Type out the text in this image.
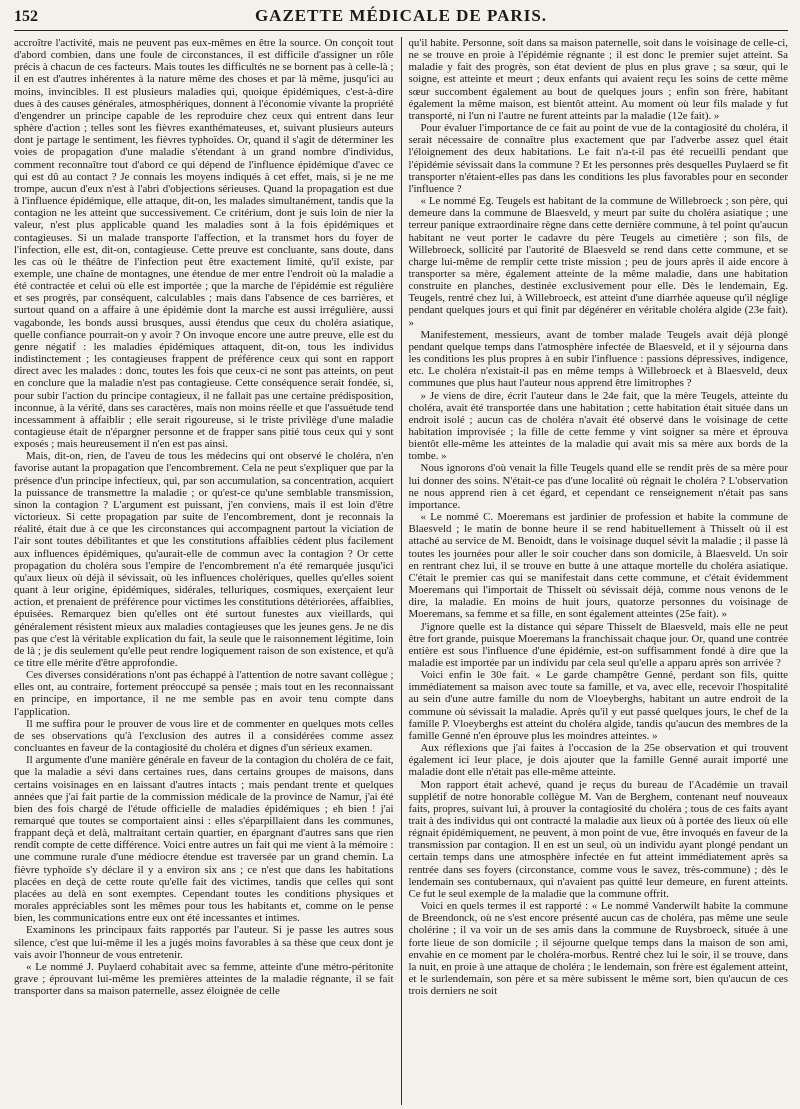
152	GAZETTE MÉDICALE DE PARIS.

accroître l'activité, mais ne peuvent pas eux-mêmes en être la source. On conçoit tout d'abord combien, dans une foule de circonstances, il est difficile d'assigner un rôle précis à chacun de ces facteurs. Mais toutes les difficultés ne se bornent pas à celle-là ; il en est d'autres inhérentes à la nature même des choses et par là même, jusqu'ici au moins, invincibles. Il est plusieurs maladies qui, quoique épidémiques, c'est-à-dire dues à des causes générales, atmosphériques, donnent à l'économie vivante la propriété d'engendrer un principe capable de les reproduire chez ceux qui entrent dans leur sphère d'action ; telles sont les fièvres exanthémateuses, et, suivant plusieurs auteurs dont je partage le sentiment, les fièvres typhoïdes. Or, quand il s'agit de déterminer les voies de propagation d'une maladie s'étendant à un grand nombre d'individus, comment reconnaître tout d'abord ce qui dépend de l'influence épidémique d'avec ce qui est dû au contact ? Je connais les moyens indiqués à cet effet, mais, si je ne me trompe, aucun d'eux n'est à l'abri d'objections sérieuses. Quand la propagation est due à l'influence épidémique, elle attaque, dit-on, les malades simultanément, tandis que la contagion ne les atteint que successivement. Ce critérium, dont je suis loin de nier la valeur, n'est plus applicable quand les maladies sont à la fois épidémiques et contagieuses. Si un malade transporte l'affection, et la transmet hors du foyer de l'infection, elle est, dit-on, contagieuse. Cette preuve est concluante, sans doute, dans les cas où le théâtre de l'infection peut être exactement limité, qu'il existe, par exemple, une chaîne de montagnes, une étendue de mer entre l'endroit où la maladie a été contractée et celui où elle est importée ; que la marche de l'épidémie est régulière et ses progrès, par conséquent, calculables ; mais dans l'absence de ces barrières, et surtout quand on a affaire à une épidémie dont la marche est aussi irrégulière, aussi vagabonde, les bonds aussi brusques, aussi étendus que ceux du choléra asiatique, quelle confiance pourrait-on y avoir ? On invoque encore une autre preuve, elle est du genre négatif : les maladies épidémiques attaquent, dit-on, tous les individus indistinctement ; les contagieuses frappent de préférence ceux qui sont en rapport direct avec les malades : donc, toutes les fois que ceux-ci ne sont pas atteints, on peut en conclure que la maladie n'est pas contagieuse. Cette conséquence serait fondée, si, pour subir l'action du principe contagieux, il ne fallait pas une certaine prédisposition, inconnue, à la vérité, dans ses caractères, mais non moins réelle et que l'assuétude tend incessamment à affaiblir ; elle serait rigoureuse, si le triste privilège d'une maladie contagieuse était de n'épargner personne et de frapper sans pitié tous ceux qui y sont exposés ; mais heureusement il n'en est pas ainsi.

Mais, dit-on, rien, de l'aveu de tous les médecins qui ont observé le choléra, n'en favorise autant la propagation que l'encombrement. Cela ne peut s'expliquer que par la présence d'un principe infectieux, qui, par son accumulation, sa concentration, acquiert la puissance de transmettre la maladie ; or qu'est-ce qu'une semblable transmission, sinon la contagion ? L'argument est puissant, j'en conviens, mais il est loin d'être victorieux. Si cette propagation par suite de l'encombrement, dont je reconnais la réalité, était due à ce que les circonstances qui accompagnent partout la viciation de l'air sont toutes débilitantes et que les constitutions affaiblies cèdent plus facilement aux influences épidémiques, qu'aurait-elle de commun avec la contagion ? Or cette propagation du choléra sous l'empire de l'encombrement n'a été remarquée jusqu'ici qu'aux lieux où déjà il sévissait, où les influences cholériques, quelles qu'elles soient quant à leur origine, épidémiques, sidérales, telluriques, cosmiques, exerçaient leur action, et prenaient de préférence pour victimes les constitutions détériorées, affaiblies, épuisées. Remarquez bien qu'elles ont été surtout funestes aux vieillards, qui généralement résistent mieux aux maladies contagieuses que les jeunes gens. Je ne dis pas que c'est là véritable explication du fait, la seule que le raisonnement légitime, loin de là ; je dis seulement qu'elle peut rendre logiquement raison de son existence, et qu'à ce titre elle mérite d'être approfondie.

Ces diverses considérations n'ont pas échappé à l'attention de notre savant collègue ; elles ont, au contraire, fortement préoccupé sa pensée ; mais tout en les reconnaissant en principe, en importance, il ne me semble pas en avoir tenu compte dans l'application.

Il me suffira pour le prouver de vous lire et de commenter en quelques mots celles de ses observations qu'à l'exclusion des autres il a considérées comme assez concluantes en faveur de la contagiosité du choléra et dignes d'un sérieux examen.

Il argumente d'une manière générale en faveur de la contagion du choléra de ce fait, que la maladie a sévi dans certaines rues, dans certains groupes de maisons, dans certains voisinages en en laissant d'autres intacts ; mais pendant trente et quelques années que j'ai fait partie de la commission médicale de la province de Namur, j'ai été bien des fois chargé de l'étude officielle de maladies épidémiques ; eh bien ! j'ai remarqué que toutes se comportaient ainsi : elles s'éparpillaient dans les communes, frappant deçà et delà, maltraitant certain quartier, en épargnant d'autres sans que rien rendît compte de cette différence. Voici entre autres un fait qui me vient à la mémoire : une commune rurale d'une médiocre étendue est traversée par un grand chemin. La fièvre typhoïde s'y déclare il y a environ six ans ; ce n'est que dans les habitations placées en deçà de cette route qu'elle fait des victimes, tandis que celles qui sont placées au delà en sont exemptes. Cependant toutes les conditions physiques et morales appréciables sont les mêmes pour tous les habitants et, comme on le pense bien, les communications entre eux ont été incessantes et intimes.

Examinons les principaux faits rapportés par l'auteur. Si je passe les autres sous silence, c'est que lui-même il les a jugés moins favorables à sa thèse que ceux dont je vais avoir l'honneur de vous entretenir.

« Le nommé J. Puylaerd cohabitait avec sa femme, atteinte d'une métro-péritonite grave ; éprouvant lui-même les premières atteintes de la maladie régnante, il se fait transporter dans sa maison paternelle, assez éloignée de celle

qu'il habite. Personne, soit dans sa maison paternelle, soit dans le voisinage de celle-ci, ne se trouve en proie à l'épidémie régnante ; il est donc le premier sujet atteint. Sa maladie y fait des progrès, son état devient de plus en plus grave ; sa sœur, qui le soigne, est atteinte et meurt ; deux enfants qui avaient reçu les soins de cette même sœur succombent également au bout de quelques jours ; enfin son frère, habitant également la même maison, est bientôt atteint. Au moment où leur fils malade y fut transporté, ni l'un ni l'autre ne furent atteints par la maladie (12e fait). »

Pour évaluer l'importance de ce fait au point de vue de la contagiosité du choléra, il serait nécessaire de connaître plus exactement que par l'adverbe assez quel était l'éloignement des deux habitations. Le fait n'a-t-il pas été recueilli pendant que l'épidémie sévissait dans la commune ? Et les personnes près desquelles Puylaerd se fit transporter n'étaient-elles pas dans les conditions les plus favorables pour en seconder l'influence ?

« Le nommé Eg. Teugels est habitant de la commune de Willebroeck ; son père, qui demeure dans la commune de Blaesveld, y meurt par suite du choléra asiatique ; une terreur panique extraordinaire règne dans cette dernière commune, à tel point qu'aucun habitant ne veut porter le cadavre du père Teugels au cimetière ; son fils, de Willebroeck, sollicité par l'autorité de Blaesveld se rend dans cette commune, et se charge lui-même de remplir cette triste mission ; peu de jours après il aide encore à transporter sa mère, également atteinte de la même maladie, dans une habitation construite en planches, destinée exclusivement pour elle. Dès le lendemain, Eg. Teugels, rentré chez lui, à Willebroeck, est atteint d'une diarrhée aqueuse qu'il néglige pendant quelques jours et qui finit par dégénérer en véritable choléra algide (23e fait). »

Manifestement, messieurs, avant de tomber malade Teugels avait déjà plongé pendant quelque temps dans l'atmosphère infectée de Blaesveld, et il y séjourna dans les conditions les plus propres à en subir l'influence : passions dépressives, indigence, etc. Le choléra n'existait-il pas en même temps à Willebroeck et à Blaesveld, deux communes que plus haut l'auteur nous apprend être limitrophes ?

» Je viens de dire, écrit l'auteur dans le 24e fait, que la mère Teugels, atteinte du choléra, avait été transportée dans une habitation ; cette habitation était située dans un endroit isolé ; aucun cas de choléra n'avait été observé dans le voisinage de cette habitation improvisée ; la fille de cette femme y vint soigner sa mère et éprouva bientôt elle-même les atteintes de la maladie qui avait mis sa mère aux bords de la tombe. »

Nous ignorons d'où venait la fille Teugels quand elle se rendit près de sa mère pour lui donner des soins. N'était-ce pas d'une localité où régnait le choléra ? L'observation ne nous apprend rien à cet égard, et cependant ce renseignement n'était pas sans importance.

« Le nommé C. Moeremans est jardinier de profession et habite la commune de Blaesveld ; le matin de bonne heure il se rend habituellement à Thisselt où il est attaché au service de M. Benoidt, dans le voisinage duquel sévit la maladie ; il passe là toutes les journées pour aller le soir coucher dans son domicile, à Blaesveld. Un soir en rentrant chez lui, il se trouve en butte à une attaque mortelle du choléra asiatique. C'était le premier cas qui se manifestait dans cette commune, et c'était évidemment Moeremans qui l'importait de Thisselt où sévissait déjà, comme nous venons de le dire, la maladie. En moins de huit jours, quatorze personnes du voisinage de Moeremans, sa femme et sa fille, en sont également atteintes (25e fait). »

J'ignore quelle est la distance qui sépare Thisselt de Blaesveld, mais elle ne peut être fort grande, puisque Moeremans la franchissait chaque jour. Or, quand une contrée entière est sous l'influence d'une épidémie, est-on suffisamment fondé à dire que la maladie est importée par un individu par cela seul qu'elle a apparu après son arrivée ?

Voici enfin le 30e fait. « Le garde champêtre Genné, perdant son fils, quitte immédiatement sa maison avec toute sa famille, et va, avec elle, recevoir l'hospitalité au sein d'une autre famille du nom de Vloeyberghs, habitant un autre endroit de la commune où sévissait la maladie. Après qu'il y eut passé quelques jours, le chef de la famille P. Vloeyberghs est atteint du choléra algide, tandis qu'aucun des membres de la famille Genné n'en éprouve plus les moindres atteintes. »

Aux réflexions que j'ai faites à l'occasion de la 25e observation et qui trouvent également ici leur place, je dois ajouter que la famille Genné aurait importé une maladie dont elle n'était pas elle-même atteinte.

Mon rapport était achevé, quand je reçus du bureau de l'Académie un travail supplétif de notre honorable collègue M. Van de Berghem, contenant neuf nouveaux faits, propres, suivant lui, à prouver la contagiosité du choléra ; tous de ces faits ayant trait à des individus qui ont contracté la maladie aux lieux où à portée des lieux où elle régnait épidémiquement, ne peuvent, à mon point de vue, être invoqués en faveur de la transmission par contagion. Il en est un seul, où un individu ayant plongé pendant un certain temps dans une atmosphère infectée en fut atteint immédiatement après sa rentrée dans ses foyers (circonstance, comme vous le savez, très-commune) ; dès le lendemain ses contubernaux, qui n'avaient pas quitté leur demeure, en furent atteints. Ce fut le seul exemple de la maladie que la commune offrit.

Voici en quels termes il est rapporté : « Le nommé Vanderwilt habite la commune de Breendonck, où ne s'est encore présenté aucun cas de choléra, pas même une seule cholérine ; il va voir un de ses amis dans la commune de Ruysbroeck, située à une forte lieue de son domicile ; il séjourne quelque temps dans la maison de son ami, envahie en ce moment par le choléra-morbus. Rentré chez lui le soir, il se trouve, dans la nuit, en proie à une attaque de choléra ; le lendemain, son frère est également atteint, et le surlendemain, son père et sa mère subissent le même sort, bien qu'aucun de ces trois derniers ne soit
